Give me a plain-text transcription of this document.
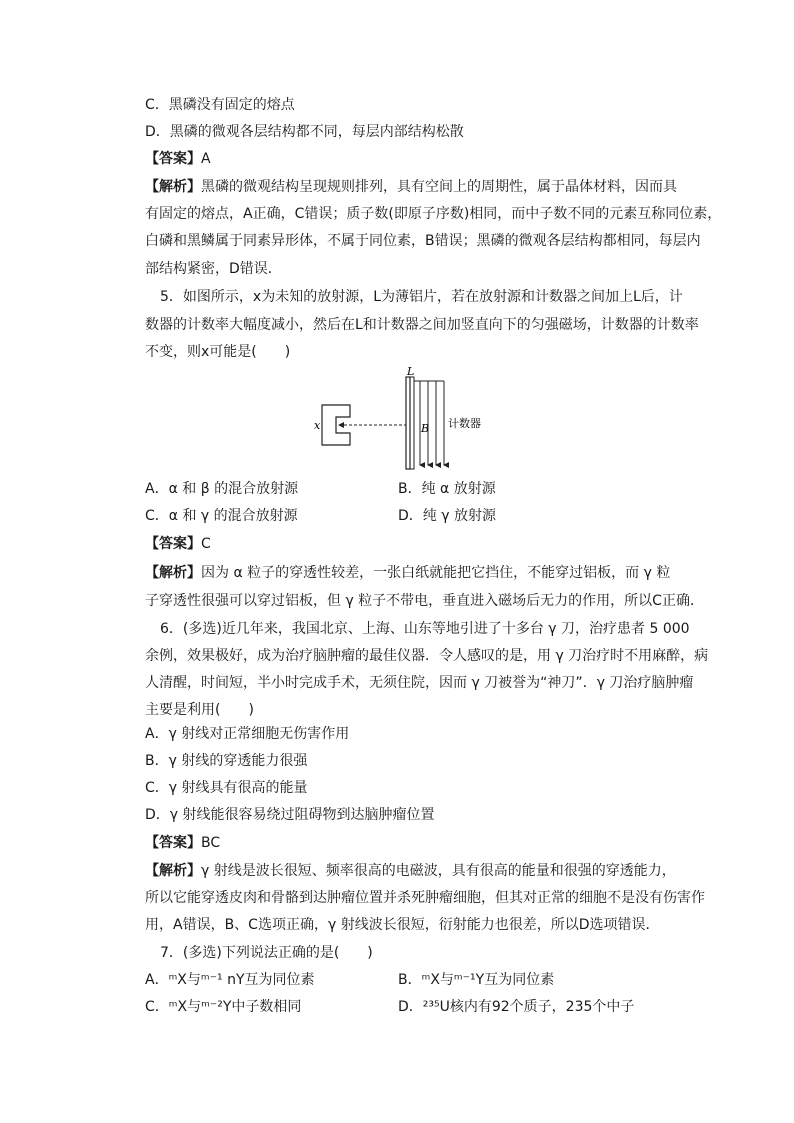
C．黑磷没有固定的熔点
D．黑磷的微观各层结构都不同，每层内部结构松散
【答案】A
【解析】黑磷的微观结构呈现规则排列，具有空间上的周期性，属于晶体材料，因而具
有固定的熔点，A正确，C错误；质子数(即原子序数)相同，而中子数不同的元素互称同位素，
白磷和黑鳞属于同素异形体，不属于同位素，B错误；黑磷的微观各层结构都相同，每层内
部结构紧密，D错误．
5．如图所示，x为未知的放射源，L为薄铝片，若在放射源和计数器之间加上L后，计
数器的计数率大幅度减小，然后在L和计数器之间加竖直向下的匀强磁场，计数器的计数率
不变，则x可能是(　　)
x
L
B 计数器
A．α 和 β 的混合放射源	B．纯 α 放射源
C．α 和 γ 的混合放射源	D．纯 γ 放射源
【答案】C
【解析】因为 α 粒子的穿透性较差，一张白纸就能把它挡住，不能穿过铝板，而 γ 粒
子穿透性很强可以穿过铝板，但 γ 粒子不带电，垂直进入磁场后无力的作用，所以C正确．
6．(多选)近几年来，我国北京、上海、山东等地引进了十多台 γ 刀，治疗患者 5 000
余例，效果极好，成为治疗脑肿瘤的最佳仪器．令人感叹的是，用 γ 刀治疗时不用麻醉，病
人清醒，时间短，半小时完成手术，无须住院，因而 γ 刀被誉为“神刀”．γ 刀治疗脑肿瘤
主要是利用(　　)
A．γ 射线对正常细胞无伤害作用
B．γ 射线的穿透能力很强
C．γ 射线具有很高的能量
D．γ 射线能很容易绕过阻碍物到达脑肿瘤位置
【答案】BC
【解析】γ 射线是波长很短、频率很高的电磁波，具有很高的能量和很强的穿透能力，
所以它能穿透皮肉和骨骼到达肿瘤位置并杀死肿瘤细胞，但其对正常的细胞不是没有伤害作
用，A错误，B、C选项正确，γ 射线波长很短，衍射能力也很差，所以D选项错误．
7．(多选)下列说法正确的是(　　)
A．ᵐX与ᵐ⁻¹ nY互为同位素	B．ᵐX与ᵐ⁻¹Y互为同位素
C．ᵐX与ᵐ⁻²Y中子数相同	D．²³⁵U核内有92个质子，235个中子
